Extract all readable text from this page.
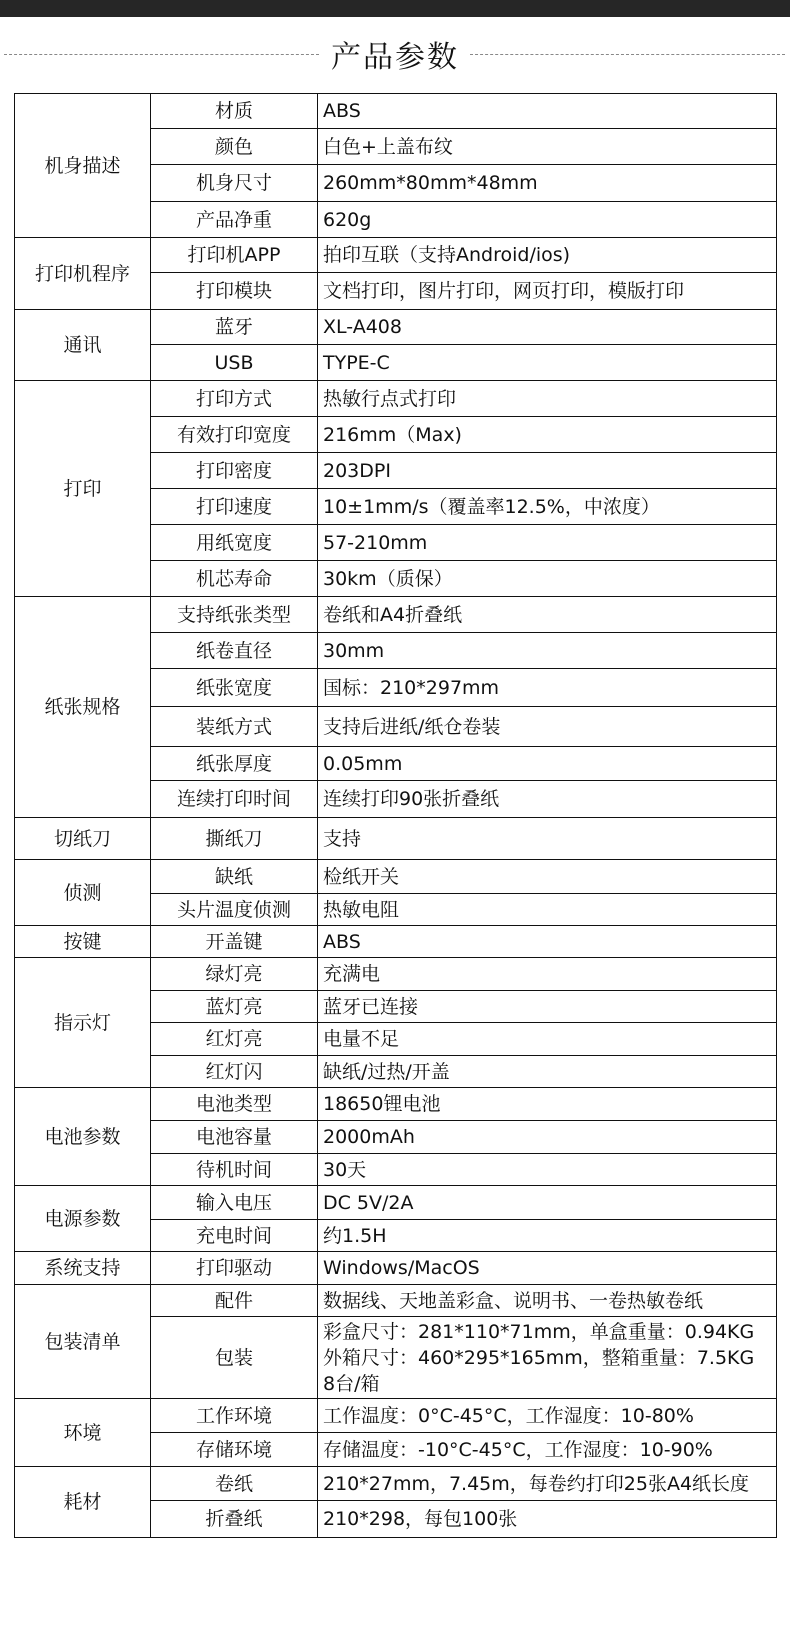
产品参数
机身描述	材质	ABS
	颜色	白色+上盖布纹
	机身尺寸	260mm*80mm*48mm
	产品净重	620g
打印机程序	打印机APP	拍印互联（支持Android/ios)
	打印模块	文档打印，图片打印，网页打印，模版打印
通讯	蓝牙	XL-A408
	USB	TYPE-C
打印	打印方式	热敏行点式打印
	有效打印宽度	216mm（Max)
	打印密度	203DPI
	打印速度	10±1mm/s（覆盖率12.5%，中浓度）
	用纸宽度	57-210mm
	机芯寿命	30km（质保）
纸张规格	支持纸张类型	卷纸和A4折叠纸
	纸卷直径	30mm
	纸张宽度	国标：210*297mm
	装纸方式	支持后进纸/纸仓卷装
	纸张厚度	0.05mm
	连续打印时间	连续打印90张折叠纸
切纸刀	撕纸刀	支持
侦测	缺纸	检纸开关
	头片温度侦测	热敏电阻
按键	开盖键	ABS
指示灯	绿灯亮	充满电
	蓝灯亮	蓝牙已连接
	红灯亮	电量不足
	红灯闪	缺纸/过热/开盖
电池参数	电池类型	18650锂电池
	电池容量	2000mAh
	待机时间	30天
电源参数	输入电压	DC 5V/2A
	充电时间	约1.5H
系统支持	打印驱动	Windows/MacOS
包装清单	配件	数据线、天地盖彩盒、说明书、一卷热敏卷纸
	包装	彩盒尺寸：281*110*71mm，单盒重量：0.94KG
外箱尺寸：460*295*165mm，整箱重量：7.5KG
8台/箱
环境	工作环境	工作温度：0°C-45°C，工作湿度：10-80%
	存储环境	存储温度：-10°C-45°C，工作湿度：10-90%
耗材	卷纸	210*27mm，7.45m，每卷约打印25张A4纸长度
	折叠纸	210*298，每包100张
